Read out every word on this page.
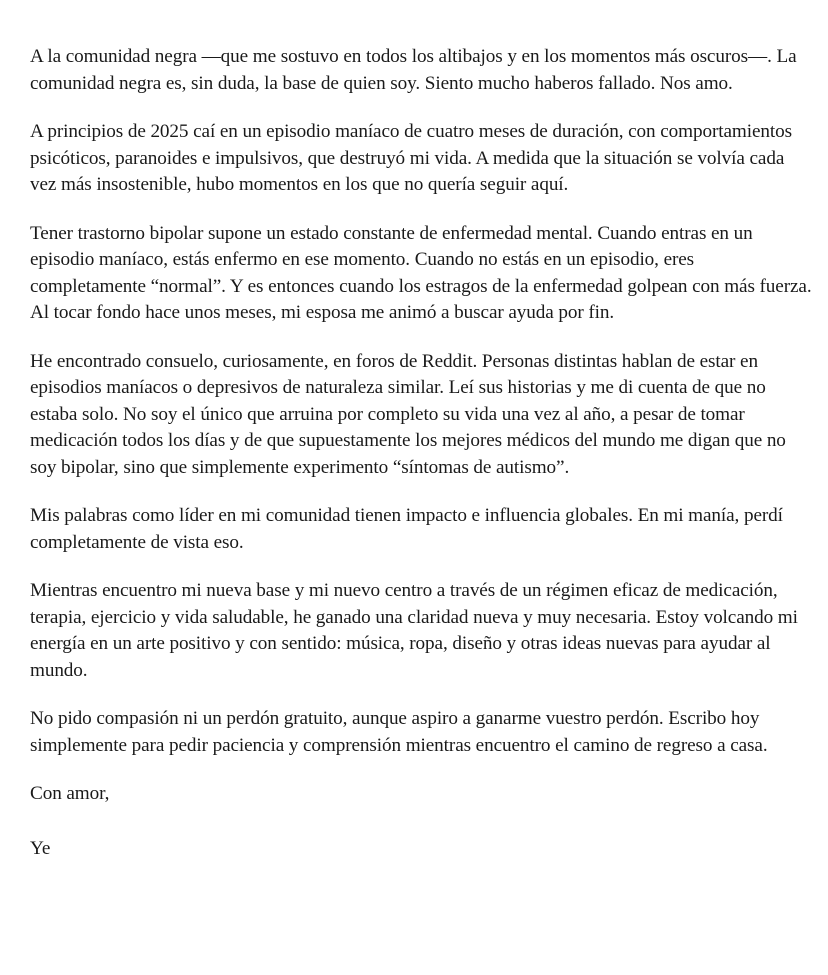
A la comunidad negra —que me sostuvo en todos los altibajos y en los momentos más oscuros—. La comunidad negra es, sin duda, la base de quien soy. Siento mucho haberos fallado. Nos amo.

A principios de 2025 caí en un episodio maníaco de cuatro meses de duración, con comportamientos psicóticos, paranoides e impulsivos, que destruyó mi vida. A medida que la situación se volvía cada vez más insostenible, hubo momentos en los que no quería seguir aquí.

Tener trastorno bipolar supone un estado constante de enfermedad mental. Cuando entras en un episodio maníaco, estás enfermo en ese momento. Cuando no estás en un episodio, eres completamente “normal”. Y es entonces cuando los estragos de la enfermedad golpean con más fuerza. Al tocar fondo hace unos meses, mi esposa me animó a buscar ayuda por fin.

He encontrado consuelo, curiosamente, en foros de Reddit. Personas distintas hablan de estar en episodios maníacos o depresivos de naturaleza similar. Leí sus historias y me di cuenta de que no estaba solo. No soy el único que arruina por completo su vida una vez al año, a pesar de tomar medicación todos los días y de que supuestamente los mejores médicos del mundo me digan que no soy bipolar, sino que simplemente experimento “síntomas de autismo”.

Mis palabras como líder en mi comunidad tienen impacto e influencia globales. En mi manía, perdí completamente de vista eso.

Mientras encuentro mi nueva base y mi nuevo centro a través de un régimen eficaz de medicación, terapia, ejercicio y vida saludable, he ganado una claridad nueva y muy necesaria. Estoy volcando mi energía en un arte positivo y con sentido: música, ropa, diseño y otras ideas nuevas para ayudar al mundo.

No pido compasión ni un perdón gratuito, aunque aspiro a ganarme vuestro perdón. Escribo hoy simplemente para pedir paciencia y comprensión mientras encuentro el camino de regreso a casa.

Con amor,

Ye
